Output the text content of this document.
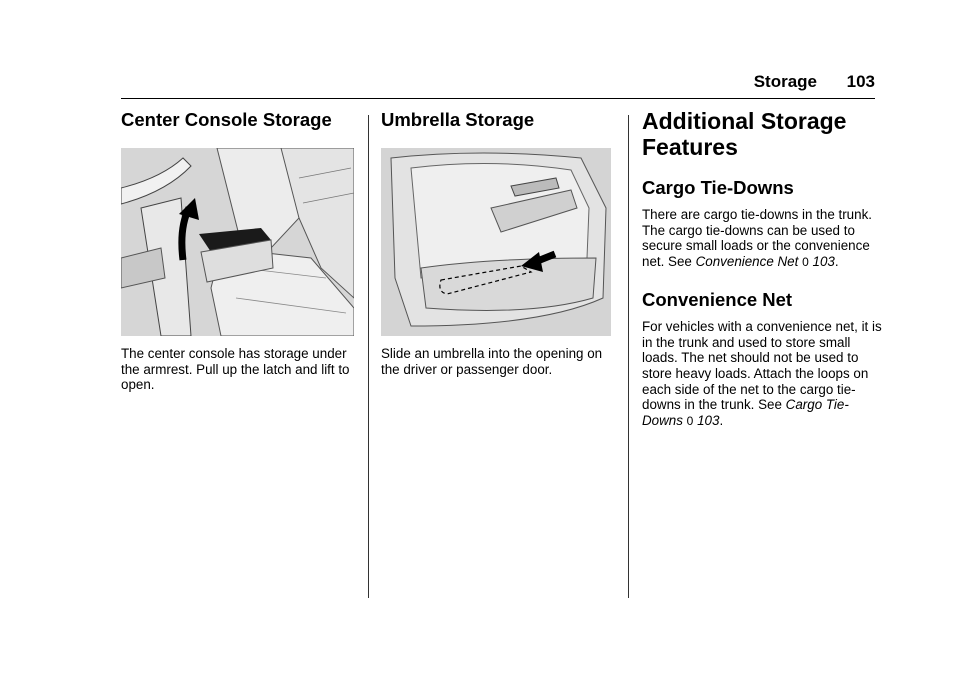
Storage 103
Center Console Storage

The center console has storage under the armrest. Pull up the latch and lift to open.

Umbrella Storage

Slide an umbrella into the opening on the driver or passenger door.

Additional Storage Features
Cargo Tie-Downs

There are cargo tie-downs in the trunk. The cargo tie-downs can be used to secure small loads or the convenience net. See Convenience Net 0 103.

Convenience Net

For vehicles with a convenience net, it is in the trunk and used to store small loads. The net should not be used to store heavy loads. Attach the loops on each side of the net to the cargo tie-downs in the trunk. See Cargo Tie-Downs 0 103.
